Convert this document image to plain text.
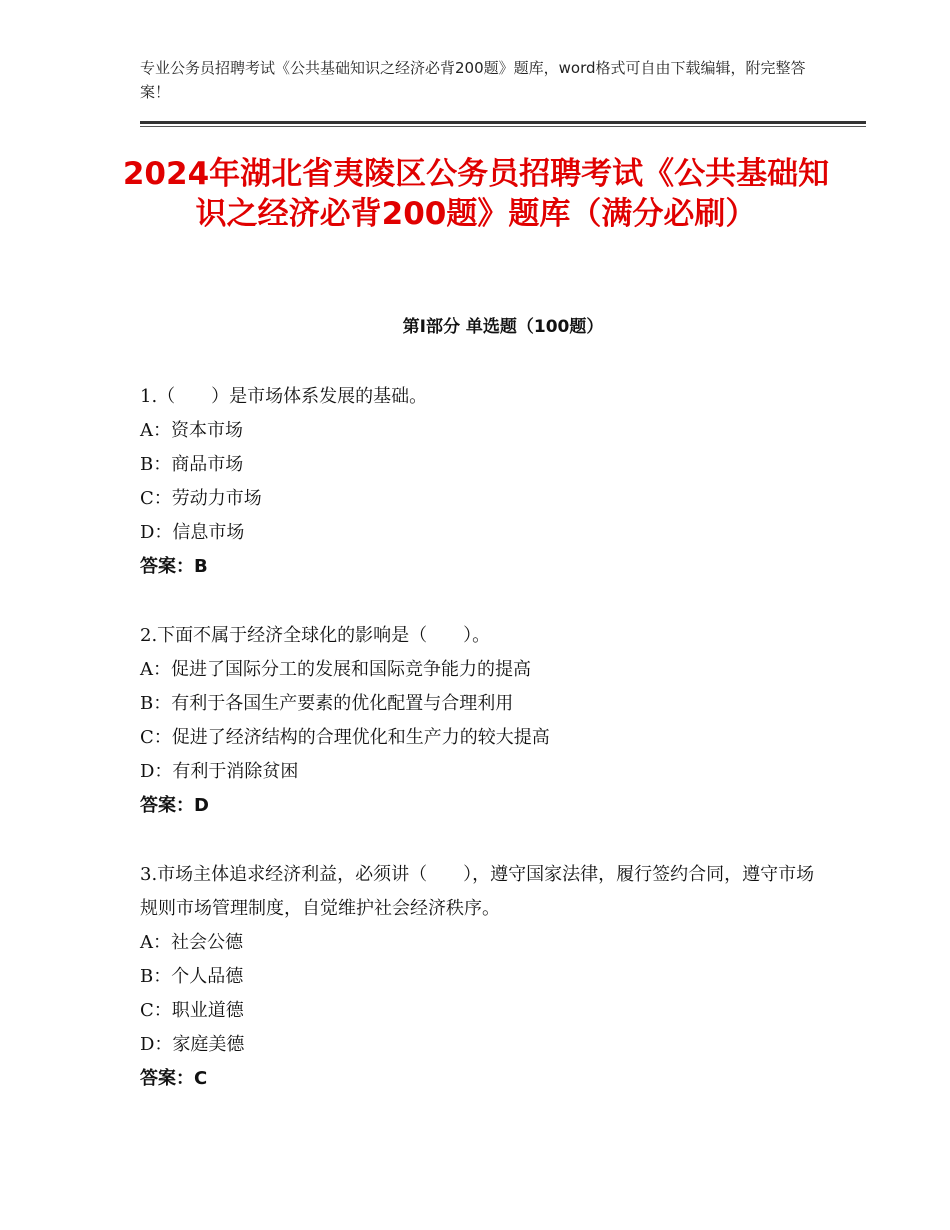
专业公务员招聘考试《公共基础知识之经济必背200题》题库，word格式可自由下载编辑，附完整答案！
2024年湖北省夷陵区公务员招聘考试《公共基础知识之经济必背200题》题库（满分必刷）
第Ⅰ部分 单选题（100题）
1.（　　）是市场体系发展的基础。
A：资本市场
B：商品市场
C：劳动力市场
D：信息市场
答案：B
2.下面不属于经济全球化的影响是（　　）。
A：促进了国际分工的发展和国际竞争能力的提高
B：有利于各国生产要素的优化配置与合理利用
C：促进了经济结构的合理优化和生产力的较大提高
D：有利于消除贫困
答案：D
3.市场主体追求经济利益，必须讲（　　），遵守国家法律，履行签约合同，遵守市场规则市场管理制度，自觉维护社会经济秩序。
A：社会公德
B：个人品德
C：职业道德
D：家庭美德
答案：C
